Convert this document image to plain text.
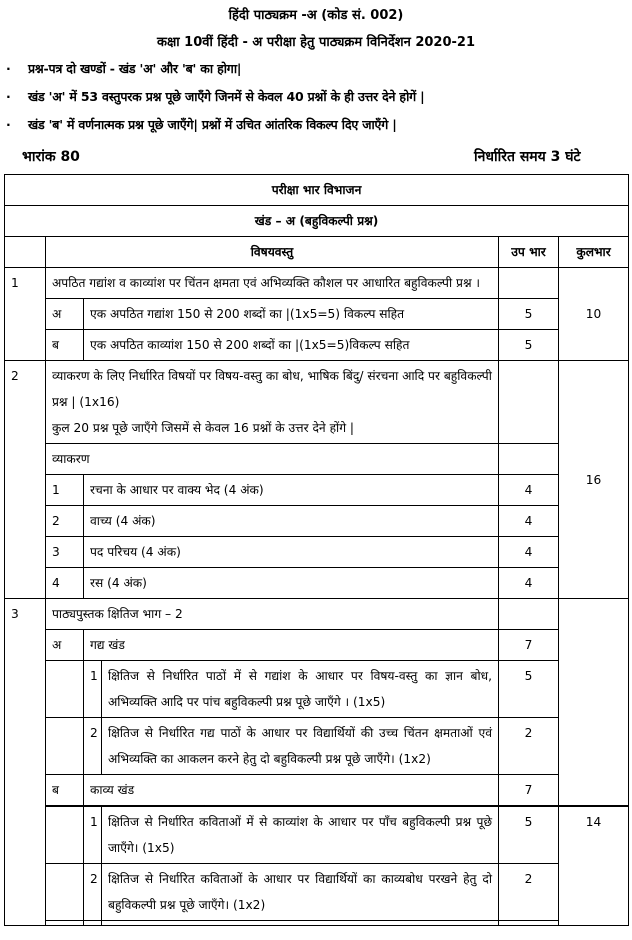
हिंदी पाठ्यक्रम -अ (कोड सं. 002)
कक्षा 10वीं हिंदी - अ परीक्षा हेतु पाठ्यक्रम विनिर्देशन 2020-21
· प्रश्न-पत्र दो खण्डों - खंड 'अ' और 'ब' का होगा|
· खंड 'अ' में 53 वस्तुपरक प्रश्न पूछे जाएँगे जिनमें से केवल 40 प्रश्नों के ही उत्तर देने होगें |
· खंड 'ब' में वर्णनात्मक प्रश्न पूछे जाएँगे| प्रश्नों में उचित आंतरिक विकल्प दिए जाएँगे |
भारांक 80	निर्धारित समय 3 घंटे
परीक्षा भार विभाजन					
खंड – अ (बहुविकल्पी प्रश्न)					
	विषयवस्तु			उप भार	कुलभार
1	अपठित गद्यांश व काव्यांश पर चिंतन क्षमता एवं अभिव्यक्ति कौशल पर आधारित बहुविकल्पी प्रश्न ।				10
	अ	एक अपठित गद्यांश 150 से 200 शब्दों का |(1x5=5) विकल्प सहित		5	
	ब	एक अपठित काव्यांश 150 से 200 शब्दों का |(1x5=5)विकल्प सहित		5	
2	व्याकरण के लिए निर्धारित विषयों पर विषय-वस्तु का बोध, भाषिक बिंदु/ संरचना आदि पर बहुविकल्पी प्रश्न | (1x16)
कुल 20 प्रश्न पूछे जाएँगे जिसमें से केवल 16 प्रश्नों के उत्तर देने होंगे |				16
	व्याकरण				
	1	रचना के आधार पर वाक्य भेद (4 अंक)		4	
	2	वाच्य (4 अंक)		4	
	3	पद परिचय (4 अंक)		4	
	4	रस (4 अंक)		4	
3	पाठ्यपुस्तक क्षितिज भाग – 2				
	अ	गद्य खंड		7	
		1	क्षितिज से निर्धारित पाठों में से गद्यांश के आधार पर विषय-वस्तु का ज्ञान बोध, अभिव्यक्ति आदि पर पांच बहुविकल्पी प्रश्न पूछे जाएँगे । (1x5)	5	
		2	क्षितिज से निर्धारित गद्य पाठों के आधार पर विद्यार्थियों की उच्च चिंतन क्षमताओं एवं अभिव्यक्ति का आकलन करने हेतु दो बहुविकल्पी प्रश्न पूछे जाएँगे। (1x2)	2	
	ब	काव्य खंड		7	
		1	क्षितिज से निर्धारित कविताओं में से काव्यांश के आधार पर पाँच बहुविकल्पी प्रश्न पूछे जाएँगे। (1x5)	5	14
		2	क्षितिज से निर्धारित कविताओं के आधार पर विद्यार्थियों का काव्यबोध परखने हेतु दो बहुविकल्पी प्रश्न पूछे जाएँगे। (1x2)	2	
